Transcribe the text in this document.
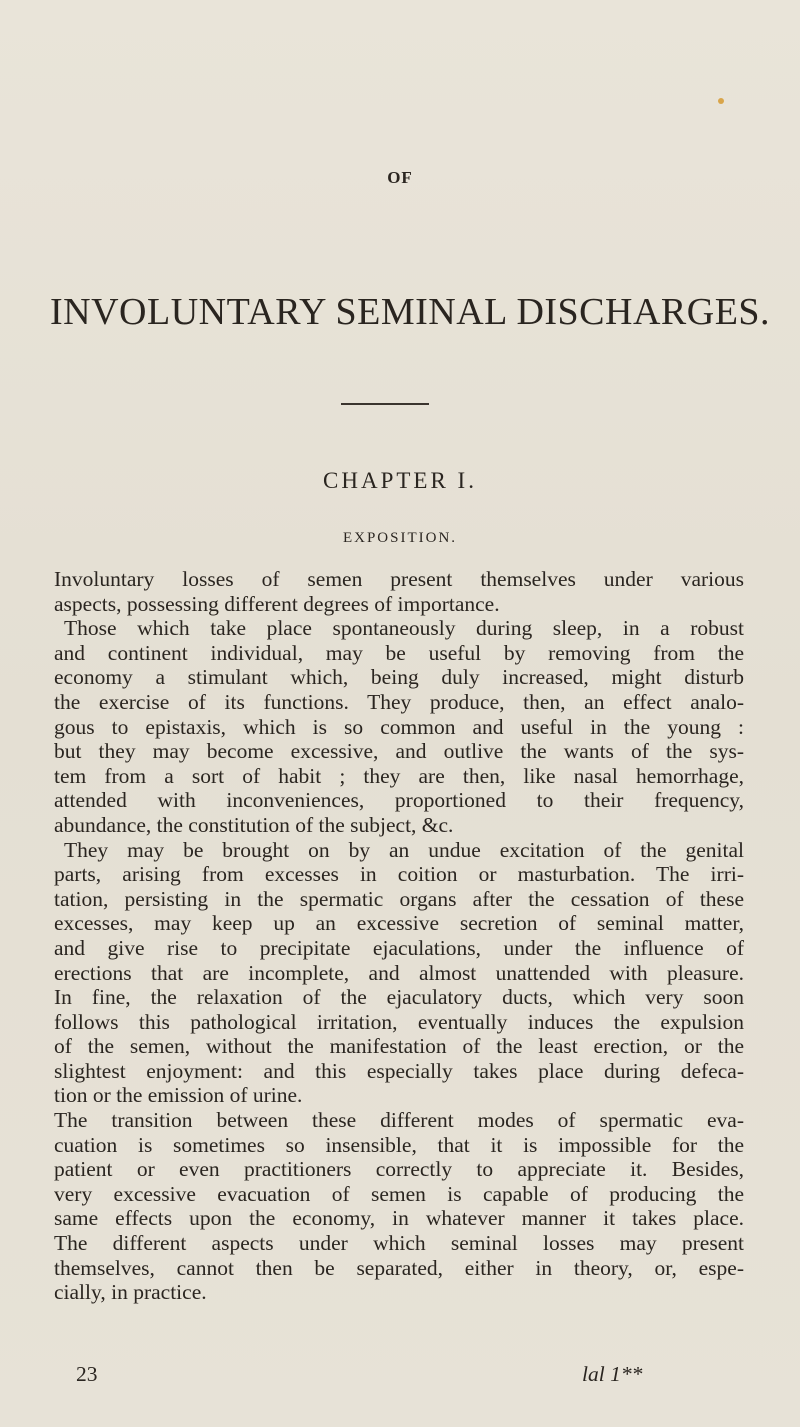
OF
INVOLUNTARY SEMINAL DISCHARGES.
CHAPTER I.
EXPOSITION.

Involuntary losses of semen present themselves under various

aspects, possessing different degrees of importance.

Those which take place spontaneously during sleep, in a robust

and continent individual, may be useful by removing from the

economy a stimulant which, being duly increased, might disturb

the exercise of its functions. They produce, then, an effect analo-

gous to epistaxis, which is so common and useful in the young :

but they may become excessive, and outlive the wants of the sys-

tem from a sort of habit ; they are then, like nasal hemorrhage,

attended with inconveniences, proportioned to their frequency,

abundance, the constitution of the subject, &c.

They may be brought on by an undue excitation of the genital

parts, arising from excesses in coition or masturbation. The irri-

tation, persisting in the spermatic organs after the cessation of these

excesses, may keep up an excessive secretion of seminal matter,

and give rise to precipitate ejaculations, under the influence of

erections that are incomplete, and almost unattended with pleasure.

In fine, the relaxation of the ejaculatory ducts, which very soon

follows this pathological irritation, eventually induces the expulsion

of the semen, without the manifestation of the least erection, or the

slightest enjoyment: and this especially takes place during defeca-

tion or the emission of urine.

The transition between these different modes of spermatic eva-

cuation is sometimes so insensible, that it is impossible for the

patient or even practitioners correctly to appreciate it. Besides,

very excessive evacuation of semen is capable of producing the

same effects upon the economy, in whatever manner it takes place.

The different aspects under which seminal losses may present

themselves, cannot then be separated, either in theory, or, espe-

cially, in practice.

23	lal 1**
